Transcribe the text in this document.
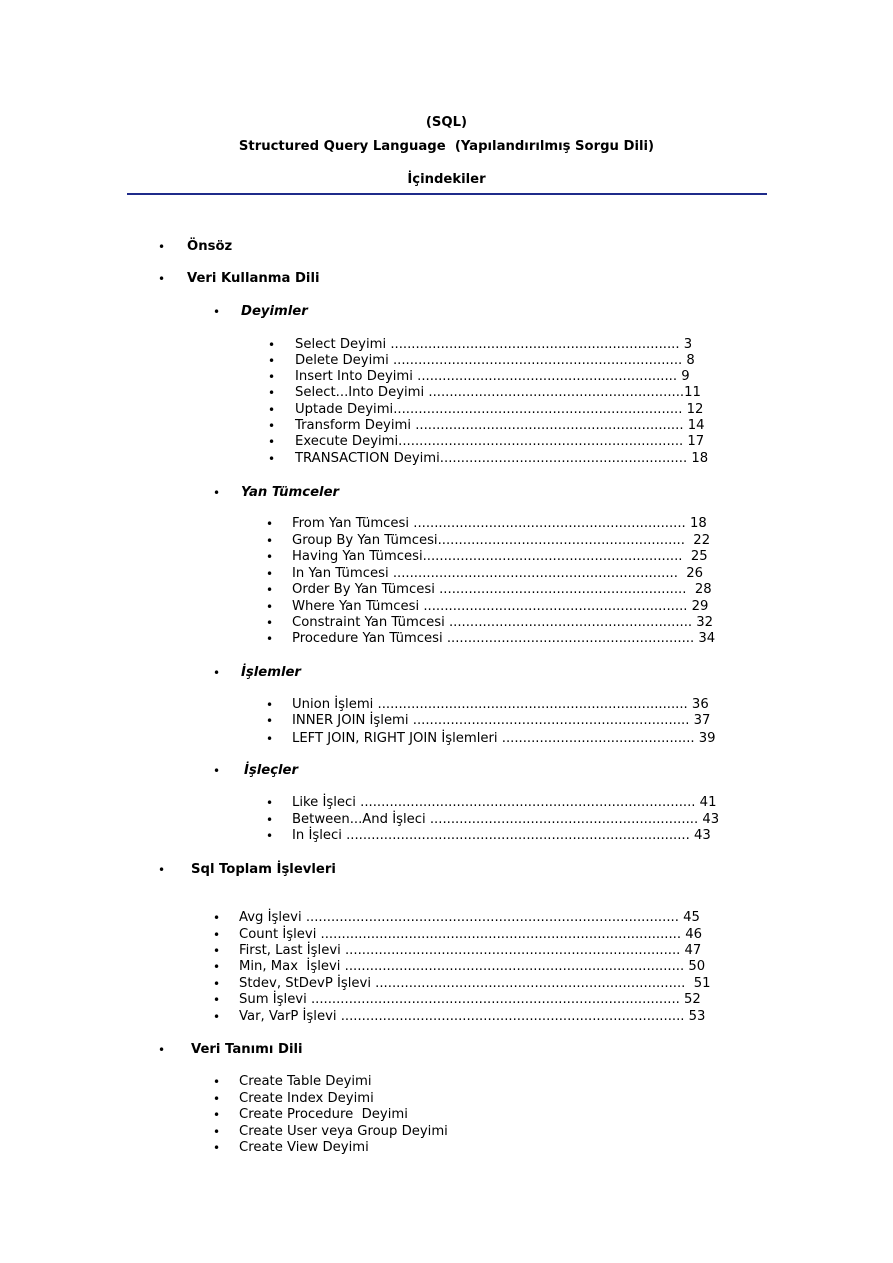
(SQL)
Structured Query Language  (Yapılandırılmış Sorgu Dili)
İçindekiler
• Önsöz
• Veri Kullanma Dili
• Deyimler
• Select Deyimi ..................................................................... 3
• Delete Deyimi ..................................................................... 8
• Insert Into Deyimi .............................................................. 9
• Select...Into Deyimi .............................................................11
• Uptade Deyimi..................................................................... 12
• Transform Deyimi ................................................................ 14
• Execute Deyimi.................................................................... 17
• TRANSACTION Deyimi........................................................... 18
• Yan Tümceler
• From Yan Tümcesi ................................................................. 18
• Group By Yan Tümcesi...........................................................  22
• Having Yan Tümcesi..............................................................  25
• In Yan Tümcesi ....................................................................  26
• Order By Yan Tümcesi ...........................................................  28
• Where Yan Tümcesi ............................................................... 29
• Constraint Yan Tümcesi .......................................................... 32
• Procedure Yan Tümcesi ........................................................... 34
• İşlemler
• Union İşlemi .......................................................................... 36
• INNER JOIN İşlemi .................................................................. 37
• LEFT JOIN, RIGHT JOIN İşlemleri .............................................. 39
• İşleçler
• Like İşleci ................................................................................ 41
• Between...And İşleci ................................................................ 43
• In İşleci .................................................................................. 43
• Sql Toplam İşlevleri
• Avg İşlevi ......................................................................................... 45
• Count İşlevi ...................................................................................... 46
• First, Last İşlevi ................................................................................ 47
• Min, Max  İşlevi ................................................................................. 50
• Stdev, StDevP İşlevi ..........................................................................  51
• Sum İşlevi ........................................................................................ 52
• Var, VarP İşlevi .................................................................................. 53
• Veri Tanımı Dili
• Create Table Deyimi
• Create Index Deyimi
• Create Procedure  Deyimi
• Create User veya Group Deyimi
• Create View Deyimi
